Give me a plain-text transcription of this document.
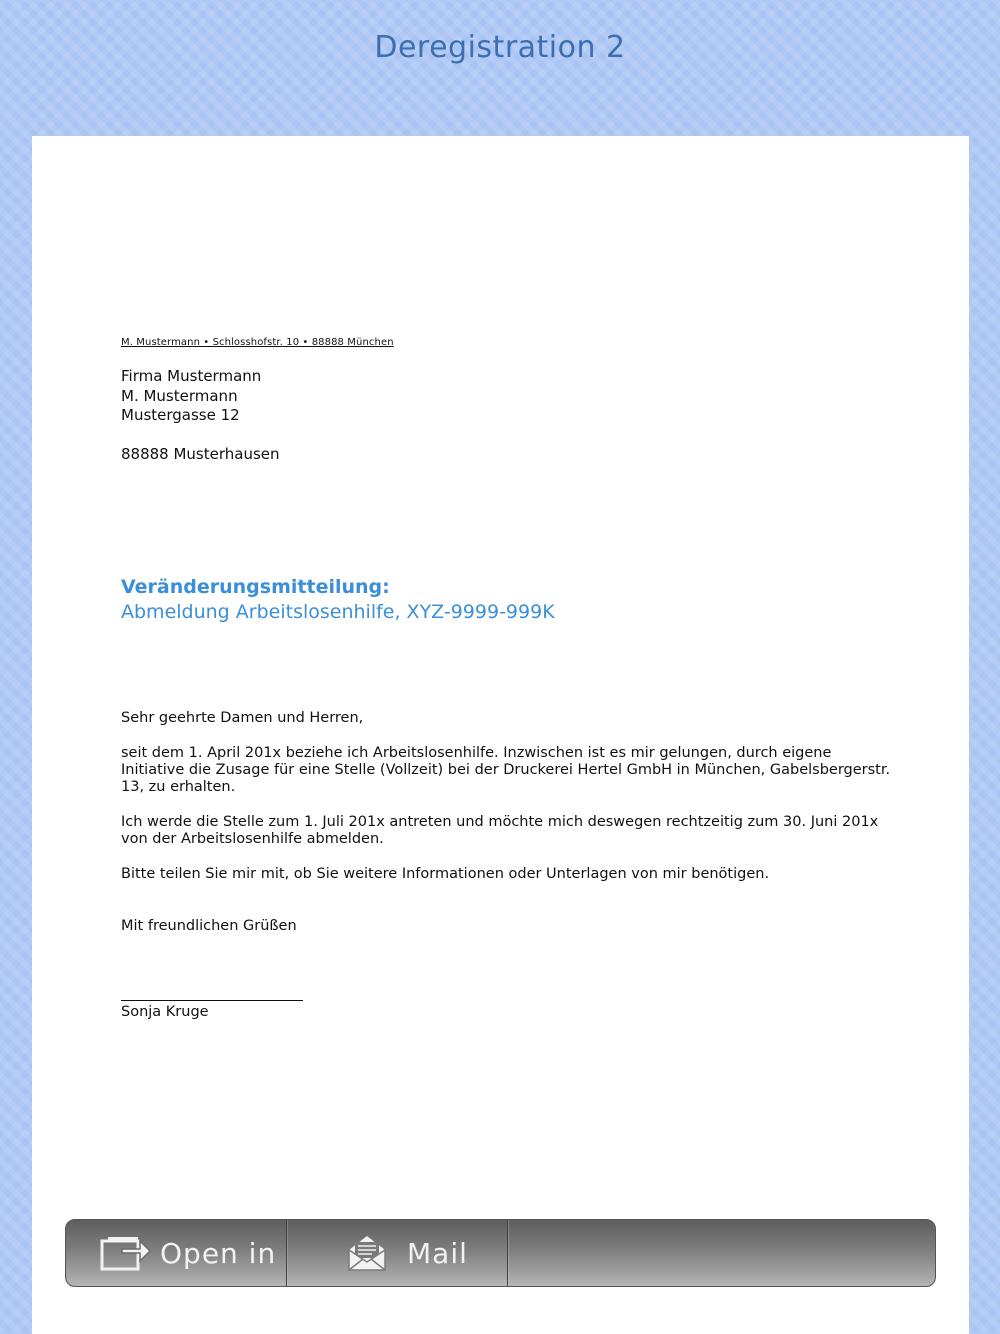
Deregistration 2
M. Mustermann • Schlosshofstr. 10 • 88888 München
Firma Mustermann
M. Mustermann
Mustergasse 12
88888 Musterhausen
Veränderungsmitteilung:
Abmeldung Arbeitslosenhilfe, XYZ-9999-999K
Sehr geehrte Damen und Herren,
seit dem 1. April 201x beziehe ich Arbeitslosenhilfe. Inzwischen ist es mir gelungen, durch eigene Initiative die Zusage für eine Stelle (Vollzeit) bei der Druckerei Hertel GmbH in München, Gabelsbergerstr. 13, zu erhalten.
Ich werde die Stelle zum 1. Juli 201x antreten und möchte mich deswegen rechtzeitig zum 30. Juni 201x von der Arbeitslosenhilfe abmelden.
Bitte teilen Sie mir mit, ob Sie weitere Informationen oder Unterlagen von mir benötigen.
Mit freundlichen Grüßen
Sonja Kruge
Open in	Mail
